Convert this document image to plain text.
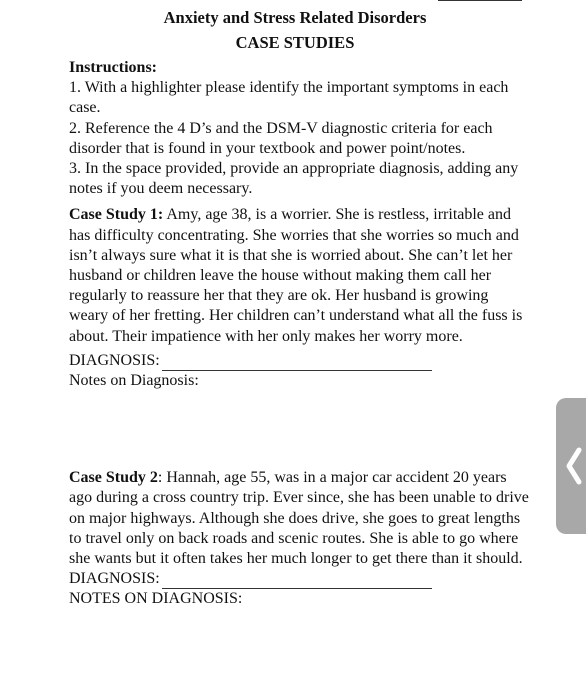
Anxiety and Stress Related Disorders
CASE STUDIES

Instructions:

1. With a highlighter please identify the important symptoms in each case.

2. Reference the 4 D’s and the DSM-V diagnostic criteria for each disorder that is found in your textbook and power point/notes.

3. In the space provided, provide an appropriate diagnosis, adding any notes if you deem necessary.

Case Study 1: Amy, age 38, is a worrier. She is restless, irritable and has difficulty concentrating. She worries that she worries so much and isn’t always sure what it is that she is worried about. She can’t let her husband or children leave the house without making them call her regularly to reassure her that they are ok. Her husband is growing weary of her fretting. Her children can’t understand what all the fuss is about. Their impatience with her only makes her worry more.

DIAGNOSIS:

Notes on Diagnosis:

Case Study 2: Hannah, age 55, was in a major car accident 20 years ago during a cross country trip. Ever since, she has been unable to drive on major highways. Although she does drive, she goes to great lengths to travel only on back roads and scenic routes. She is able to go where she wants but it often takes her much longer to get there than it should.

DIAGNOSIS:

NOTES ON DIAGNOSIS:
